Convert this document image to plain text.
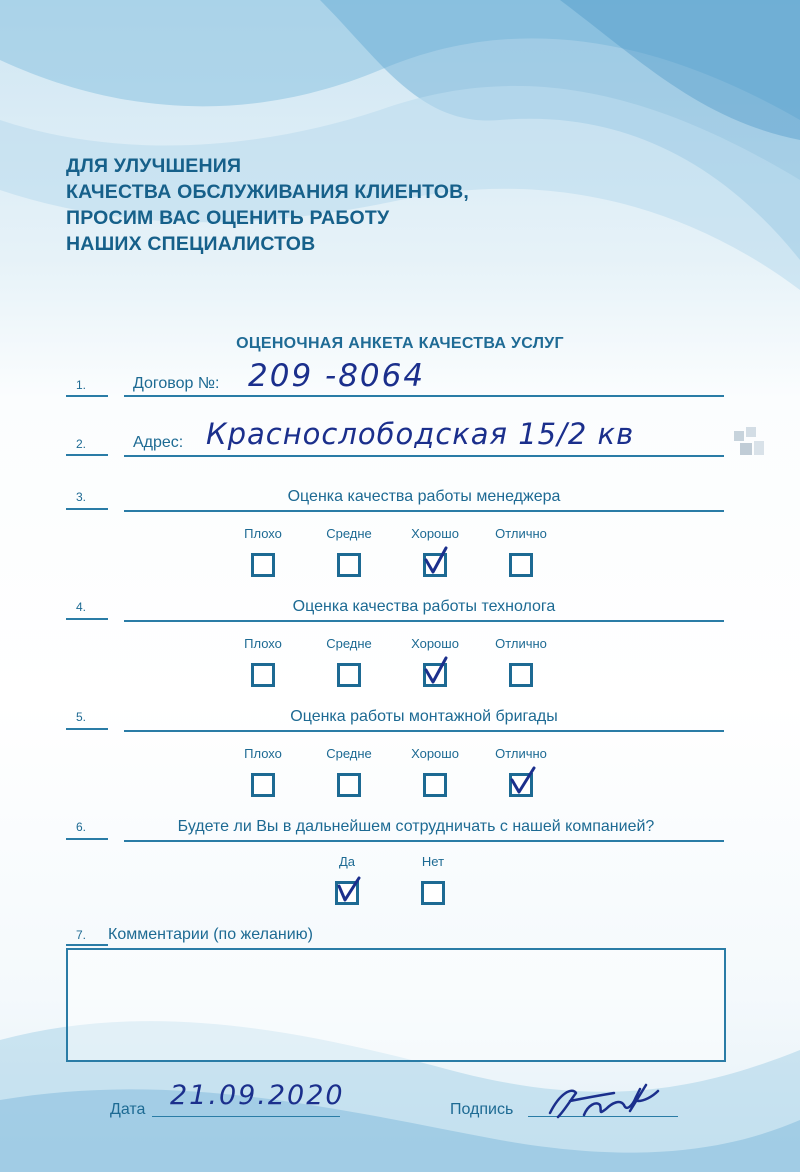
ДЛЯ УЛУЧШЕНИЯ
КАЧЕСТВА ОБСЛУЖИВАНИЯ КЛИЕНТОВ,
ПРОСИМ ВАС ОЦЕНИТЬ РАБОТУ
НАШИХ СПЕЦИАЛИСТОВ
ОЦЕНОЧНАЯ АНКЕТА КАЧЕСТВА УСЛУГ
1.	Договор №: 209 -8064
2.	Адрес: Краснослободская 15/2 кв
3.	Оценка качества работы менеджера
Плохо	Средне	Хорошо	Отлично
4.	Оценка качества работы технолога
Плохо	Средне	Хорошо	Отлично
5.	Оценка работы монтажной бригады
Плохо	Средне	Хорошо	Отлично
6.	Будете ли Вы в дальнейшем сотрудничать с нашей компанией?
Да	Нет
7. Комментарии (по желанию)
Дата 21.09.2020	Подпись
